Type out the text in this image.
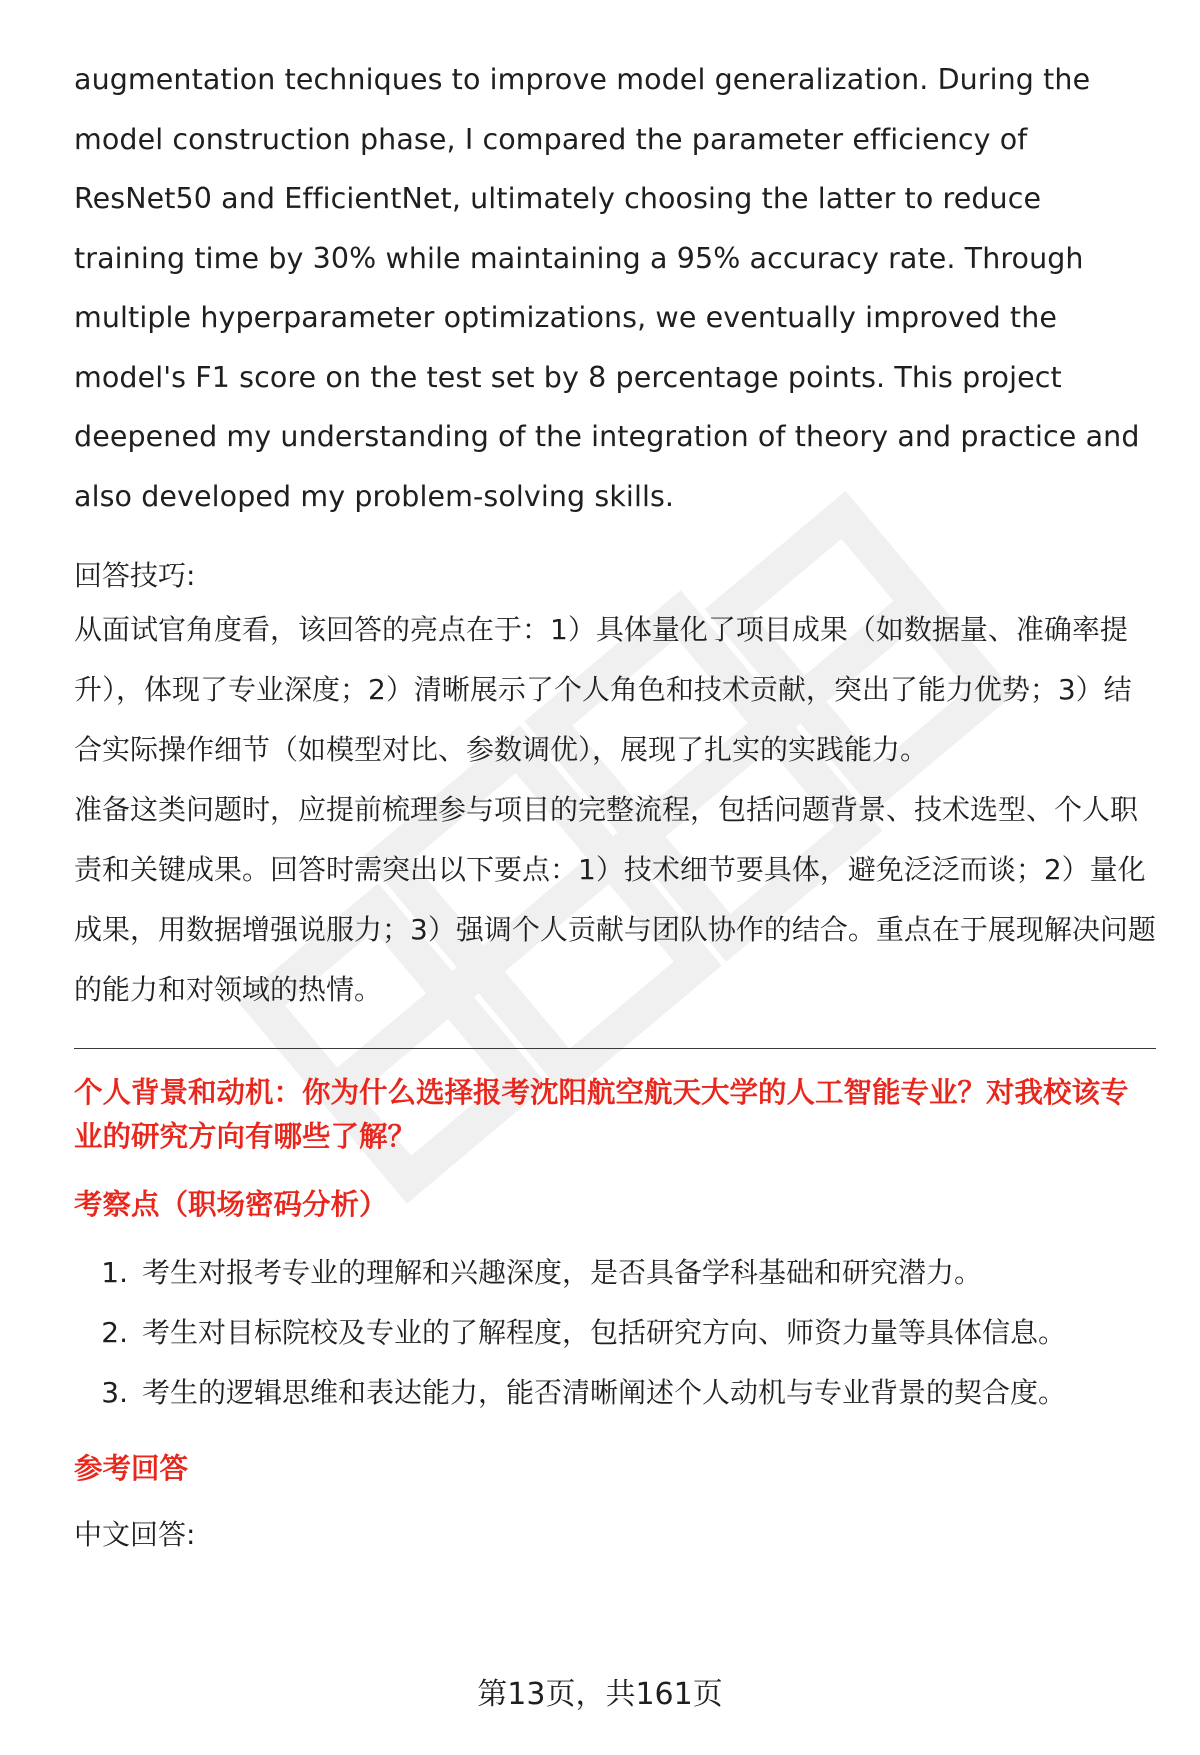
augmentation techniques to improve model generalization. During the model construction phase, I compared the parameter efficiency of ResNet50 and EfficientNet, ultimately choosing the latter to reduce training time by 30% while maintaining a 95% accuracy rate. Through multiple hyperparameter optimizations, we eventually improved the model's F1 score on the test set by 8 percentage points. This project deepened my understanding of the integration of theory and practice and also developed my problem-solving skills.

回答技巧:

从面试官角度看，该回答的亮点在于：1）具体量化了项目成果（如数据量、准确率提升），体现了专业深度；2）清晰展示了个人角色和技术贡献，突出了能力优势；3）结合实际操作细节（如模型对比、参数调优），展现了扎实的实践能力。

准备这类问题时，应提前梳理参与项目的完整流程，包括问题背景、技术选型、个人职责和关键成果。回答时需突出以下要点：1）技术细节要具体，避免泛泛而谈；2）量化成果，用数据增强说服力；3）强调个人贡献与团队协作的结合。重点在于展现解决问题的能力和对领域的热情。

个人背景和动机：你为什么选择报考沈阳航空航天大学的人工智能专业？对我校该专业的研究方向有哪些了解？

考察点（职场密码分析）

1. 考生对报考专业的理解和兴趣深度，是否具备学科基础和研究潜力。
2. 考生对目标院校及专业的了解程度，包括研究方向、师资力量等具体信息。
3. 考生的逻辑思维和表达能力，能否清晰阐述个人动机与专业背景的契合度。

参考回答

中文回答:

第13页，共161页
